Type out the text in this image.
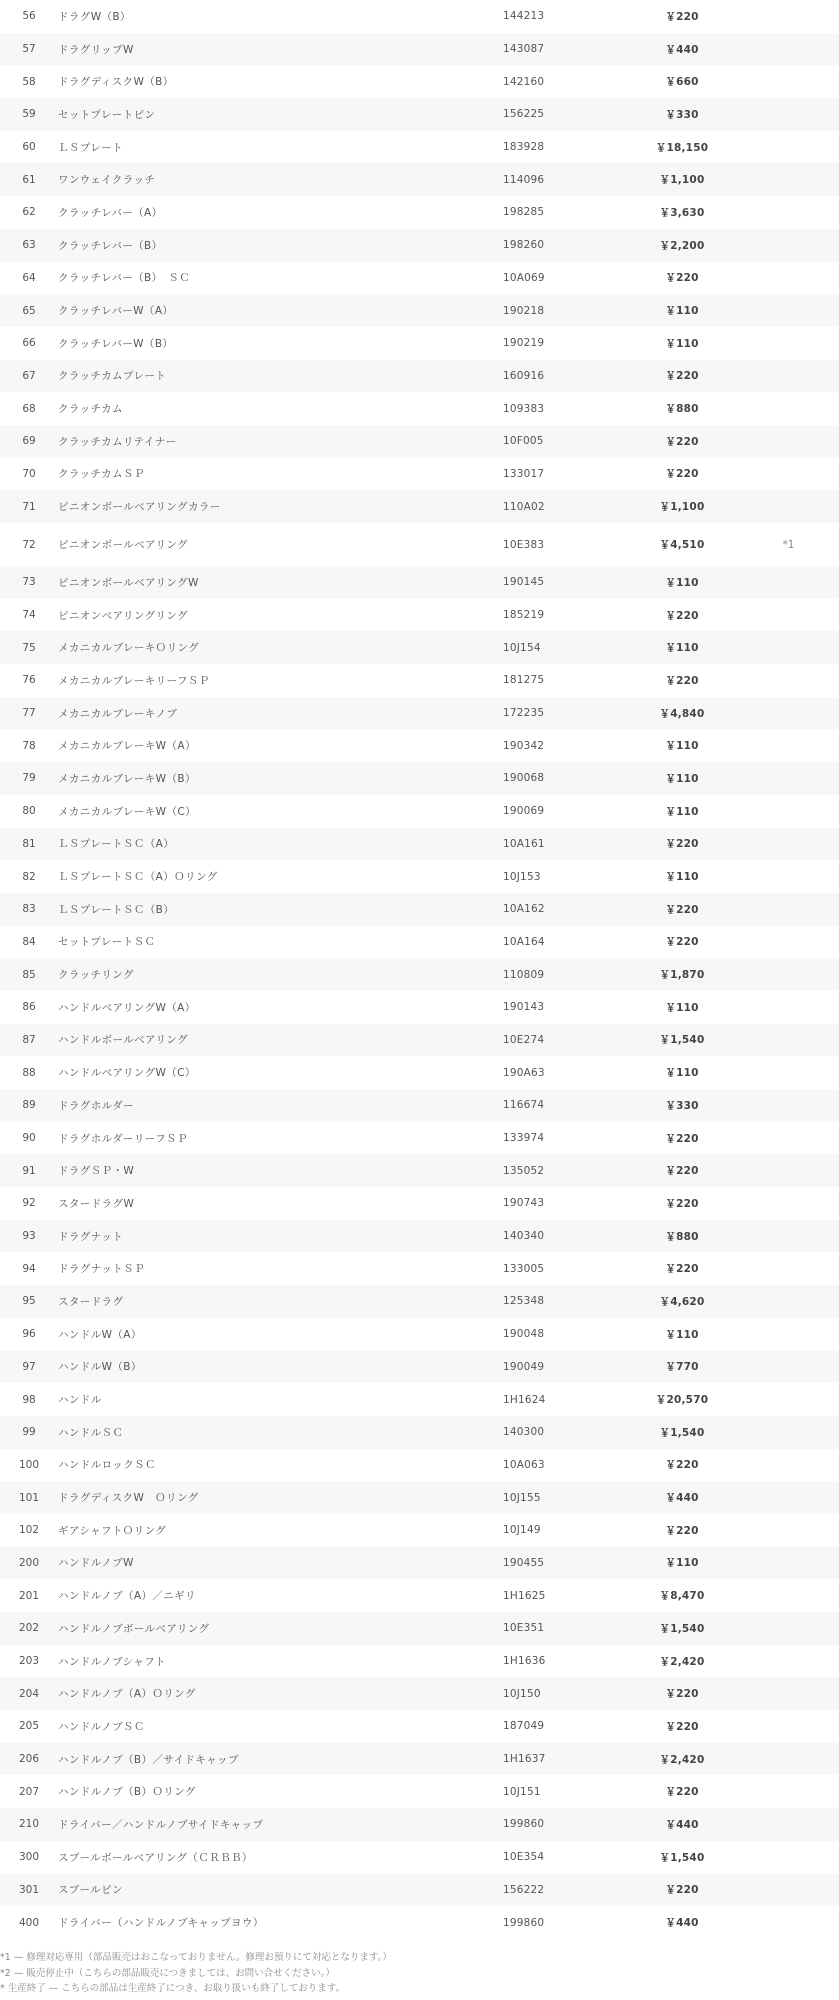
56	ドラグW（B）	144213	￥220	
57	ドラグリップW	143087	￥440	
58	ドラグディスクW（B）	142160	￥660	
59	セットプレートピン	156225	￥330	
60	ＬＳプレート	183928	￥18,150	
61	ワンウェイクラッチ	114096	￥1,100	
62	クラッチレバー（A）	198285	￥3,630	
63	クラッチレバー（B）	198260	￥2,200	
64	クラッチレバー（B）　ＳＣ	10A069	￥220	
65	クラッチレバーW（A）	190218	￥110	
66	クラッチレバーW（B）	190219	￥110	
67	クラッチカムプレート	160916	￥220	
68	クラッチカム	109383	￥880	
69	クラッチカムリテイナー	10F005	￥220	
70	クラッチカムＳＰ	133017	￥220	
71	ピニオンボールベアリングカラー	110A02	￥1,100	
72	ピニオンボールベアリング	10E383	￥4,510	*1
73	ピニオンボールベアリングW	190145	￥110	
74	ピニオンベアリングリング	185219	￥220	
75	メカニカルブレーキＯリング	10J154	￥110	
76	メカニカルブレーキリーフＳＰ	181275	￥220	
77	メカニカルブレーキノブ	172235	￥4,840	
78	メカニカルブレーキW（A）	190342	￥110	
79	メカニカルブレーキW（B）	190068	￥110	
80	メカニカルブレーキW（C）	190069	￥110	
81	ＬＳプレートＳＣ（A）	10A161	￥220	
82	ＬＳプレートＳＣ（A）Ｏリング	10J153	￥110	
83	ＬＳプレートＳＣ（B）	10A162	￥220	
84	セットプレートＳＣ	10A164	￥220	
85	クラッチリング	110809	￥1,870	
86	ハンドルベアリングW（A）	190143	￥110	
87	ハンドルボールベアリング	10E274	￥1,540	
88	ハンドルベアリングW（C）	190A63	￥110	
89	ドラグホルダー	116674	￥330	
90	ドラグホルダーリーフＳＰ	133974	￥220	
91	ドラグＳＰ・W	135052	￥220	
92	スタードラグW	190743	￥220	
93	ドラグナット	140340	￥880	
94	ドラグナットＳＰ	133005	￥220	
95	スタードラグ	125348	￥4,620	
96	ハンドルW（A）	190048	￥110	
97	ハンドルW（B）	190049	￥770	
98	ハンドル	1H1624	￥20,570	
99	ハンドルＳＣ	140300	￥1,540	
100	ハンドルロックＳＣ	10A063	￥220	
101	ドラグディスクW　Ｏリング	10J155	￥440	
102	ギアシャフトＯリング	10J149	￥220	
200	ハンドルノブW	190455	￥110	
201	ハンドルノブ（A）／ニギリ	1H1625	￥8,470	
202	ハンドルノブボールベアリング	10E351	￥1,540	
203	ハンドルノブシャフト	1H1636	￥2,420	
204	ハンドルノブ（A）Ｏリング	10J150	￥220	
205	ハンドルノブＳＣ	187049	￥220	
206	ハンドルノブ（B）／サイドキャップ	1H1637	￥2,420	
207	ハンドルノブ（B）Ｏリング	10J151	￥220	
210	ドライバー／ハンドルノブサイドキャップ	199860	￥440	
300	スプールボールベアリング（ＣＲＢＢ）	10E354	￥1,540	
301	スプールピン	156222	￥220	
400	ドライバー（ハンドルノブキャップヨウ）	199860	￥440	
*1 — 修理対応専用（部品販売はおこなっておりません。修理お預りにて対応となります。）
*2 — 販売停止中（こちらの部品販売につきましては、お問い合せください。）
* 生産終了 — こちらの部品は生産終了につき、お取り扱いも終了しております。
